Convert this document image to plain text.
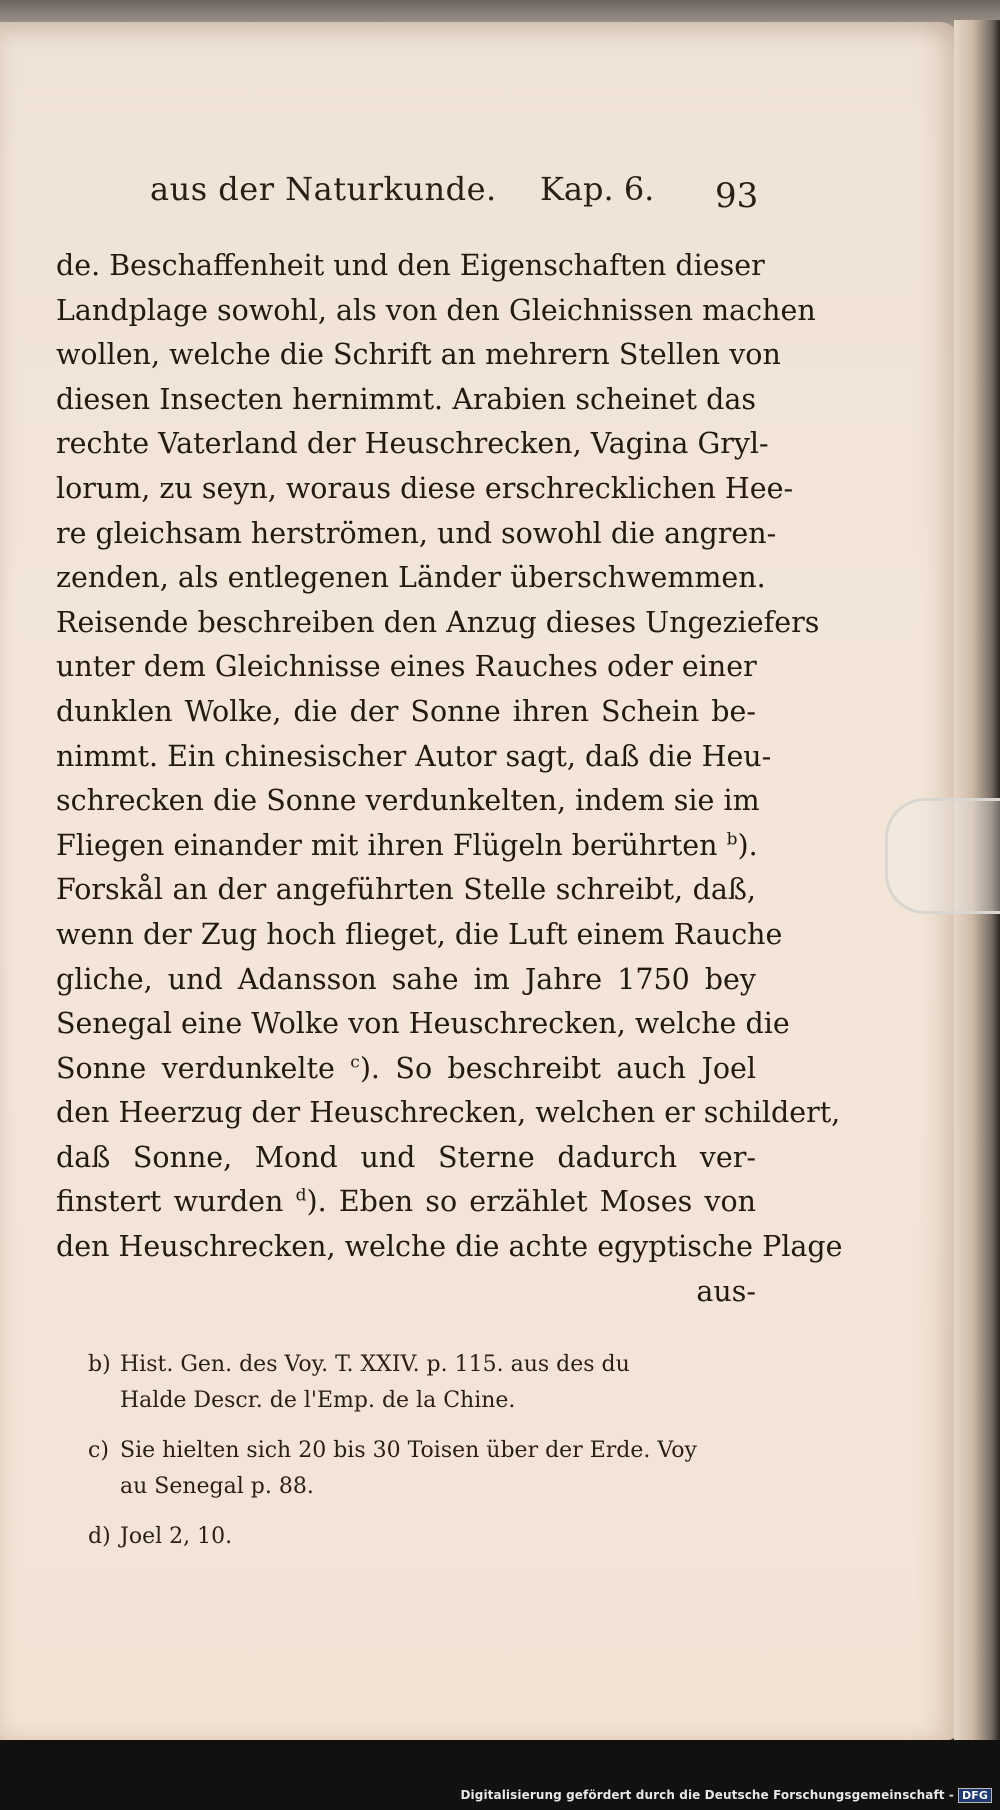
aus der Naturkunde. Kap. 6. 93
de. Beschaffenheit und den Eigenschaften dieser
Landplage sowohl, als von den Gleichnissen machen
wollen, welche die Schrift an mehrern Stellen von
diesen Insecten hernimmt. Arabien scheinet das
rechte Vaterland der Heuschrecken, Vagina Gryl-
lorum, zu seyn, woraus diese erschrecklichen Hee-
re gleichsam herströmen, und sowohl die angren-
zenden, als entlegenen Länder überschwemmen.
Reisende beschreiben den Anzug dieses Ungeziefers
unter dem Gleichnisse eines Rauches oder einer
dunklen Wolke, die der Sonne ihren Schein be-
nimmt. Ein chinesischer Autor sagt, daß die Heu-
schrecken die Sonne verdunkelten, indem sie im
Fliegen einander mit ihren Flügeln berührten $^b$).
Forskål an der angeführten Stelle schreibt, daß,
wenn der Zug hoch flieget, die Luft einem Rauche
gliche, und Adansson sahe im Jahre 1750 bey
Senegal eine Wolke von Heuschrecken, welche die
Sonne verdunkelte $^c$). So beschreibt auch Joel
den Heerzug der Heuschrecken, welchen er schildert,
daß Sonne, Mond und Sterne dadurch ver-
finstert wurden $^d$). Eben so erzählet Moses von
den Heuschrecken, welche die achte egyptische Plage
aus-
b) Hist. Gen. des Voy. T. XXIV. p. 115. aus des du
Halde Descr. de l'Emp. de la Chine.
c) Sie hielten sich 20 bis 30 Toisen über der Erde. Voy
au Senegal p. 88.
d) Joel 2, 10.
Digitalisierung gefördert durch die Deutsche Forschungsgemeinschaft - DFG
